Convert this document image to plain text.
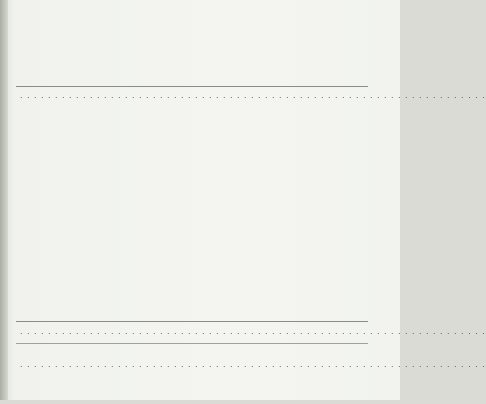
. . . . . . . . . . . . . . . . . . . . . . . . . . . . . . . . . . . . . . . . . . . . . . . . . . . . . . . . . . . . . . . . . . .
. . . . . . . . . . . . . . . . . . . . . . . . . . . . . . . . . . . . . . . . . . . . . . . . . . . . . . . . . . . . . . . . . . .
. . . . . . . . . . . . . . . . . . . . . . . . . . . . . . . . . . . . . . . . . . . . . . . . . . . . . . . . . . . . . . . . . . .
